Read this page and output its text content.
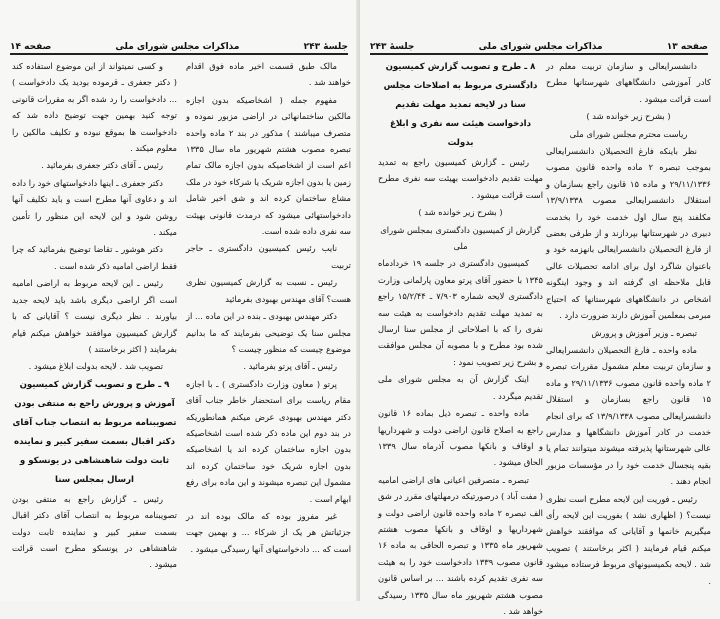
جلسهٔ ۲۴۳
مذاکرات مجلس شورای ملی
صفحه ۱۴

مالک طبق قسمت اخیر ماده فوق اقدام خواهند شد .

مفهوم جمله ( اشخاصیکه بدون اجازه مالکین ساختمانهائی در اراضی مزبور نموده و متصرف میباشند ) مذکور در بند ۲ ماده واحده تبصره مصوب هشتم شهریور ماه سال ۱۳۳۵ اعم است از اشخاصیکه بدون اجازه مالک تمام زمین یا بدون اجازه شریک یا شرکاء خود در ملک مشاع ساختمان کرده اند و شق اخیر شامل دادخواستهائی میشود که درمدت قانونی بهیئت سه نفری داده شده است.

نایب رئیس کمیسیون دادگستری ـ حاجر تربیت

رئیس ـ نسبت به گزارش کمیسیون نظری هست؟ آقای مهندس بهبودی بفرمائید

دکتر مهندس بهبودی ـ بنده در این ماده ... از مجلس سنا یک توضیحی بفرمایند که ما بدانیم موضوع چیست که منظور چیست ؟

رئیس ـ آقای پرتو بفرمائید .

پرتو ( معاون وزارت دادگستری ) ـ با اجازه مقام ریاست برای استحضار خاطر جناب آقای دکتر مهندس بهبودی عرض میکنم همانطوریکه در بند دوم این ماده ذکر شده است اشخاصیکه بدون اجازه ساختمان کرده اند یا اشخاصیکه بدون اجازه شریک خود ساختمان کرده اند مشمول این تبصره میشوند و این ماده برای رفع ابهام است .

غیر مفروز بوده که مالک بوده اند در جزئیاتش هر یک از شرکاء ... و بهمین جهت است که ... دادخواستهای آنها رسیدگی میشود .

و کسی نمیتواند از این موضوع استفاده کند ( دکتر جعفری ـ قرموده بودید یک دادخواست ) ... دادخواست را رد شده اگر به مقررات قانونی توجه کنید بهمین جهت توضیح داده شد که دادخواست ها بموقع نبوده و تکلیف مالکین را معلوم میکند .

رئیس ـ آقای دکتر جعفری بفرمائید .

دکتر جعفری ـ اینها دادخواستهای خود را داده اند و دعاوی آنها مطرح است و باید تکلیف آنها روشن شود و این لایحه این منظور را تأمین میکند .

دکتر هوشور ـ تقاضا توضیح بفرمائید که چرا فقط اراضی امامیه ذکر شده است .

رئیس ـ این لایحه مربوط به اراضی امامیه است اگر اراضی دیگری باشد باید لایحه جدید بیاورند . نظر دیگری نیست ؟ آقایانی که با گزارش کمیسیون موافقند خواهش میکنم قیام بفرمایند ( اکثر برخاستند )

تصویب شد . لایحه بدولت ابلاغ میشود .

۹ ـ طرح و تصویب گزارش کمیسیون آموزش و پرورش راجع به منتفی بودن تصویبنامه مربوط به انتصاب جناب آقای دکتر اقبال بسمت سفیر کبیر و نماینده ثابت دولت شاهنشاهی در یونسکو و ارسال بمجلس سنا

رئیس ـ گزارش راجع به منتفی بودن تصویبنامه مربوط به انتصاب آقای دکتر اقبال بسمت سفیر کبیر و نماینده ثابت دولت شاهنشاهی در یونسکو مطرح است قرائت میشود .

صفحه ۱۳
مذاکرات مجلس شورای ملی
جلسهٔ ۲۴۳

دانشسرایعالی و سازمان تربیت معلم در کادر آموزشی دانشگاههای شهرستانها مطرح است قرائت میشود .

( بشرح زیر خوانده شد )

ریاست محترم مجلس شورای ملی

نظر باینکه فارغ التحصیلان دانشسرایعالی بموجب تبصره ۲ ماده واحده قانون مصوب ۲۹/۱۱/۱۳۳۶ و ماده ۱۵ قانون راجع بسازمان و استقلال دانشسرایعالی مصوب ۱۳/۹/۱۳۳۸ مکلفند پنج سال اول خدمت خود را بخدمت دبیری در شهرستانها بپردازند و از طرفی بعضی از فارغ التحصیلان دانشسرایعالی بانهزمه خود و باعنوان شاگرد اول برای ادامه تحصیلات عالی قابل ملاحظه ای گرفته اند و وجود اینگونه اشخاص در دانشگاههای شهرستانها که احتیاج مبرمی بمعلمین آموزش دارند ضرورت دارد .

تبصره ـ وزیر آموزش و پرورش

ماده واحده ـ فارغ التحصیلان دانشسرایعالی و سازمان تربیت معلم مشمول مقررات تبصره ۲ ماده واحده قانون مصوب ۲۹/۱۱/۱۳۳۶ و ماده ۱۵ قانون راجع بسازمان و استقلال دانشسرایعالی مصوب ۱۳/۹/۱۳۳۸ که برای انجام خدمت در کادر آموزش دانشگاهها و مدارس عالی شهرستانها پذیرفته میشوند میتوانند تمام یا بقیه پنجسال خدمت خود را در مؤسسات مزبور انجام دهند .

رئیس ـ فوریت این لایحه مطرح است نظری نیست؟ ( اظهاری نشد ) بفوریت این لایحه رأی میگیریم خانمها و آقایانی که موافقند خواهش میکنم قیام فرمایند ( اکثر برخاستند ) تصویب شد . لایحه بکمیسیونهای مربوط فرستاده میشود .

۸ ـ طرح و تصویب گزارش کمیسیون دادگستری مربوط به اصلاحات مجلس سنا در لایحه تمدید مهلت تقدیم دادخواست هیئت سه نفری و ابلاغ بدولت

رئیس ـ گزارش کمیسیون راجع به تمدید مهلت تقدیم دادخواست بهیئت سه نفری مطرح است قرائت میشود .

( بشرح زیر خوانده شد )

گزارش از کمیسیون دادگستری بمجلس شورای ملی

کمیسیون دادگستری در جلسه ۱۹ خردادماه ۱۳۴۵ با حضور آقای پرتو معاون پارلمانی وزارت دادگستری لایحه شماره ۷/۹۰۳ ـ ۱۵/۲/۴۴ راجع به تمدید مهلت تقدیم دادخواست به هیئت سه نفری را که با اصلاحاتی از مجلس سنا ارسال شده بود مطرح و با مصوبه آن مجلس موافقت و بشرح زیر تصویب نمود :

اینک گزارش آن به مجلس شورای ملی تقدیم میگردد .

ماده واحده ـ تبصره ذیل بماده ۱۶ قانون راجع به اصلاح قانون اراضی دولت و شهرداریها و اوقاف و بانکها مصوب آذرماه سال ۱۳۳۹ الحاق میشود .

تبصره ـ متصرفین اعیانی های اراضی امامیه ( مفت آباد ) درصورتیکه درمهلتهای مقرر در شق الف تبصره ۲ ماده واحده قانون اراضی دولت و شهرداریها و اوقاف و بانکها مصوب هشتم شهریور ماه ۱۳۳۵ و تبصره الحاقی به ماده ۱۶ قانون مصوب ۱۳۳۹ دادخواست خود را به هیئت سه نفری تقدیم کرده باشند ... بر اساس قانون مصوب هشتم شهریور ماه سال ۱۳۳۵ رسیدگی خواهد شد .
